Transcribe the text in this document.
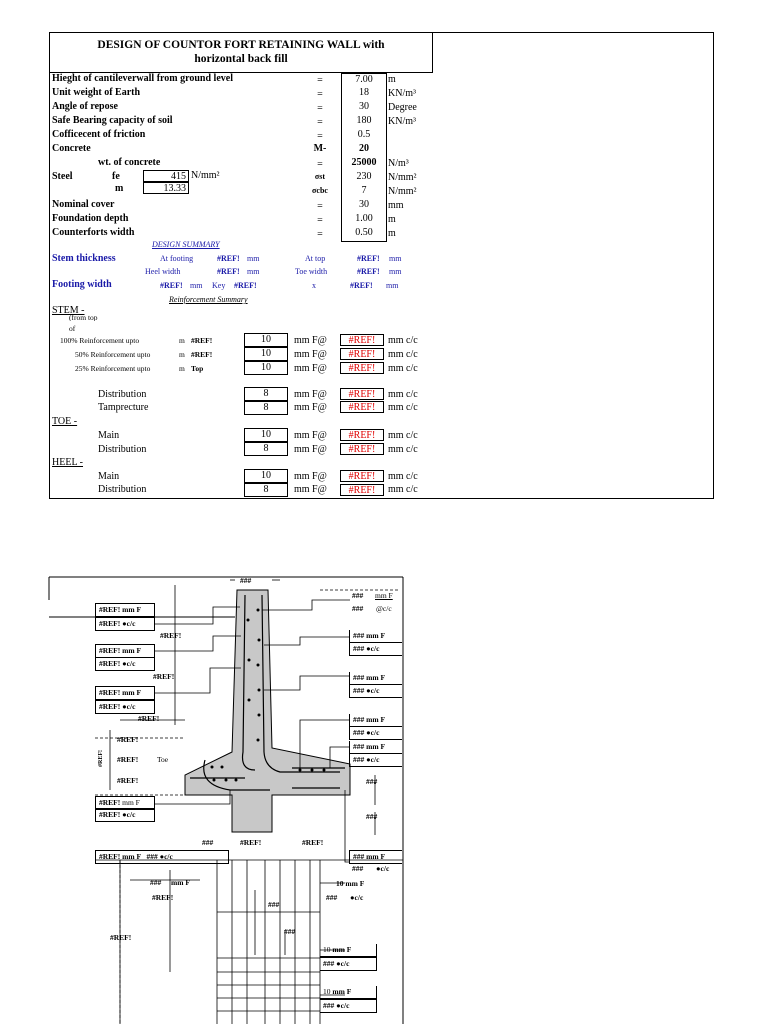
DESIGN OF COUNTOR FORT RETAINING WALL with
horizontal back fill
Hieght of cantileverwall from ground level	=	7.00	m
Unit weight of Earth	=	18	KN/m³
Angle of repose	=	30	Degree
Safe Bearing capacity of soil	=	180	KN/m³
Cofficecent of friction	=	0.5
Concrete	M-	20
wt. of concrete	=	25000	N/m³
Steel	fe	415 N/mm²	σst	230	N/mm²
m	13.33	σcbc	7	N/mm²
Nominal cover	=	30	mm
Foundation depth	=	1.00	m
Counterforts width	=	0.50	m
DESIGN SUMMARY
Stem thickness	At footing	#REF! mm	At top	#REF! mm
Heel width	#REF! mm	Toe width	#REF! mm
Footing width	#REF! mm Key #REF!	x	#REF! mm
Reinforcement Summary
STEM -
(from top
of
100% Reinforcement upto	m #REF!	10	mm F@	#REF!	mm c/c
50% Reinforcement upto	m #REF!	10	mm F@	#REF!	mm c/c
25% Reinforcement upto	m Top	10	mm F@	#REF!	mm c/c
Distribution	8	mm F@	#REF!	mm c/c
Tamprecture	8	mm F@	#REF!	mm c/c
TOE -
Main	10	mm F@	#REF!	mm c/c
Distribution	8	mm F@	#REF!	mm c/c
HEEL -
Main	10	mm F@	#REF!	mm c/c
Distribution	8	mm F@	#REF!	mm c/c
###
#REF! mm F
#REF! ●c/c
#REF!
#REF! mm F
#REF! ●c/c
#REF!
#REF! mm F
#REF! ●c/c
#REF!
#REF!
#REF! #REF!	Toe
#REF!
#REF! mm F
#REF! ●c/c
### mm F
### @c/c
### mm F
### ●c/c
### mm F
### ●c/c
### mm F
### ●c/c
### mm F
### ●c/c
###
###
###	#REF!	#REF!
#REF! mm F ### ●c/c	### mm F
### ●c/c
### mm F
#REF!
#REF!
###
###
10 mm F
### ●c/c
10 mm F
### ●c/c
10 mm F
### ●c/c
